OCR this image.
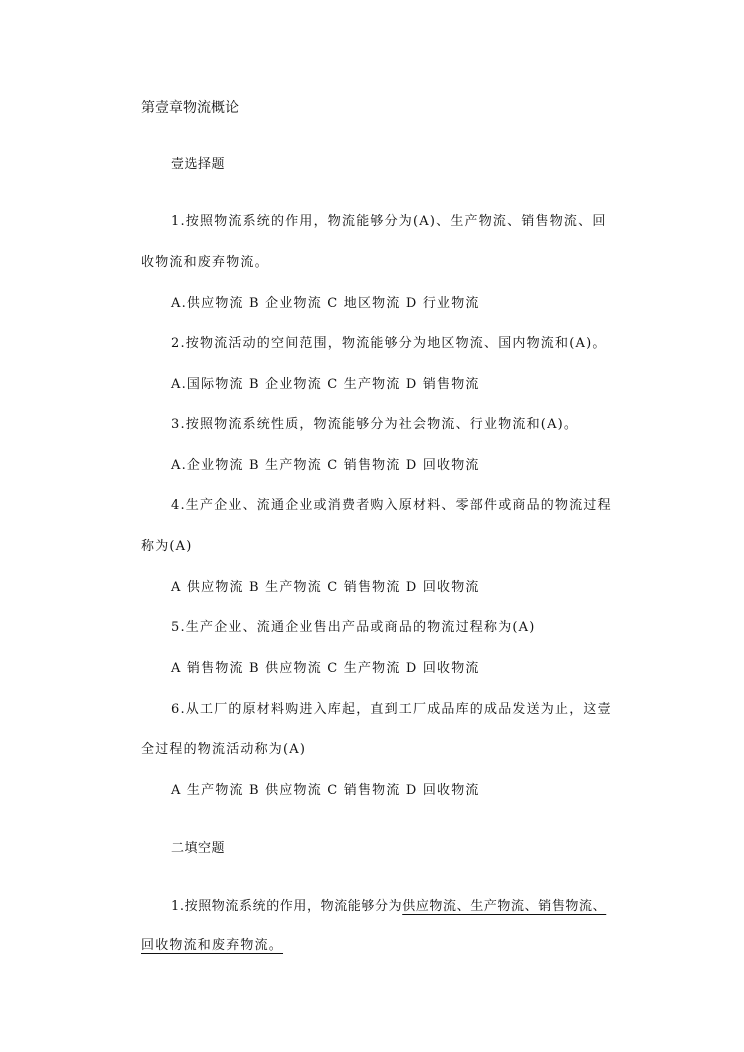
第壹章物流概论
壹选择题
1.按照物流系统的作用，物流能够分为(A)、生产物流、销售物流、回
收物流和废弃物流。
A.供应物流 B 企业物流 C 地区物流 D 行业物流
2.按物流活动的空间范围，物流能够分为地区物流、国内物流和(A)。
A.国际物流 B 企业物流 C 生产物流 D 销售物流
3.按照物流系统性质，物流能够分为社会物流、行业物流和(A)。
A.企业物流 B 生产物流 C 销售物流 D 回收物流
4.生产企业、流通企业或消费者购入原材料、零部件或商品的物流过程
称为(A)
A 供应物流 B 生产物流 C 销售物流 D 回收物流
5.生产企业、流通企业售出产品或商品的物流过程称为(A)
A 销售物流 B 供应物流 C 生产物流 D 回收物流
6.从工厂的原材料购进入库起，直到工厂成品库的成品发送为止，这壹
全过程的物流活动称为(A)
A 生产物流 B 供应物流 C 销售物流 D 回收物流
二填空题
1.按照物流系统的作用，物流能够分为供应物流、生产物流、销售物流、
回收物流和废弃物流。
